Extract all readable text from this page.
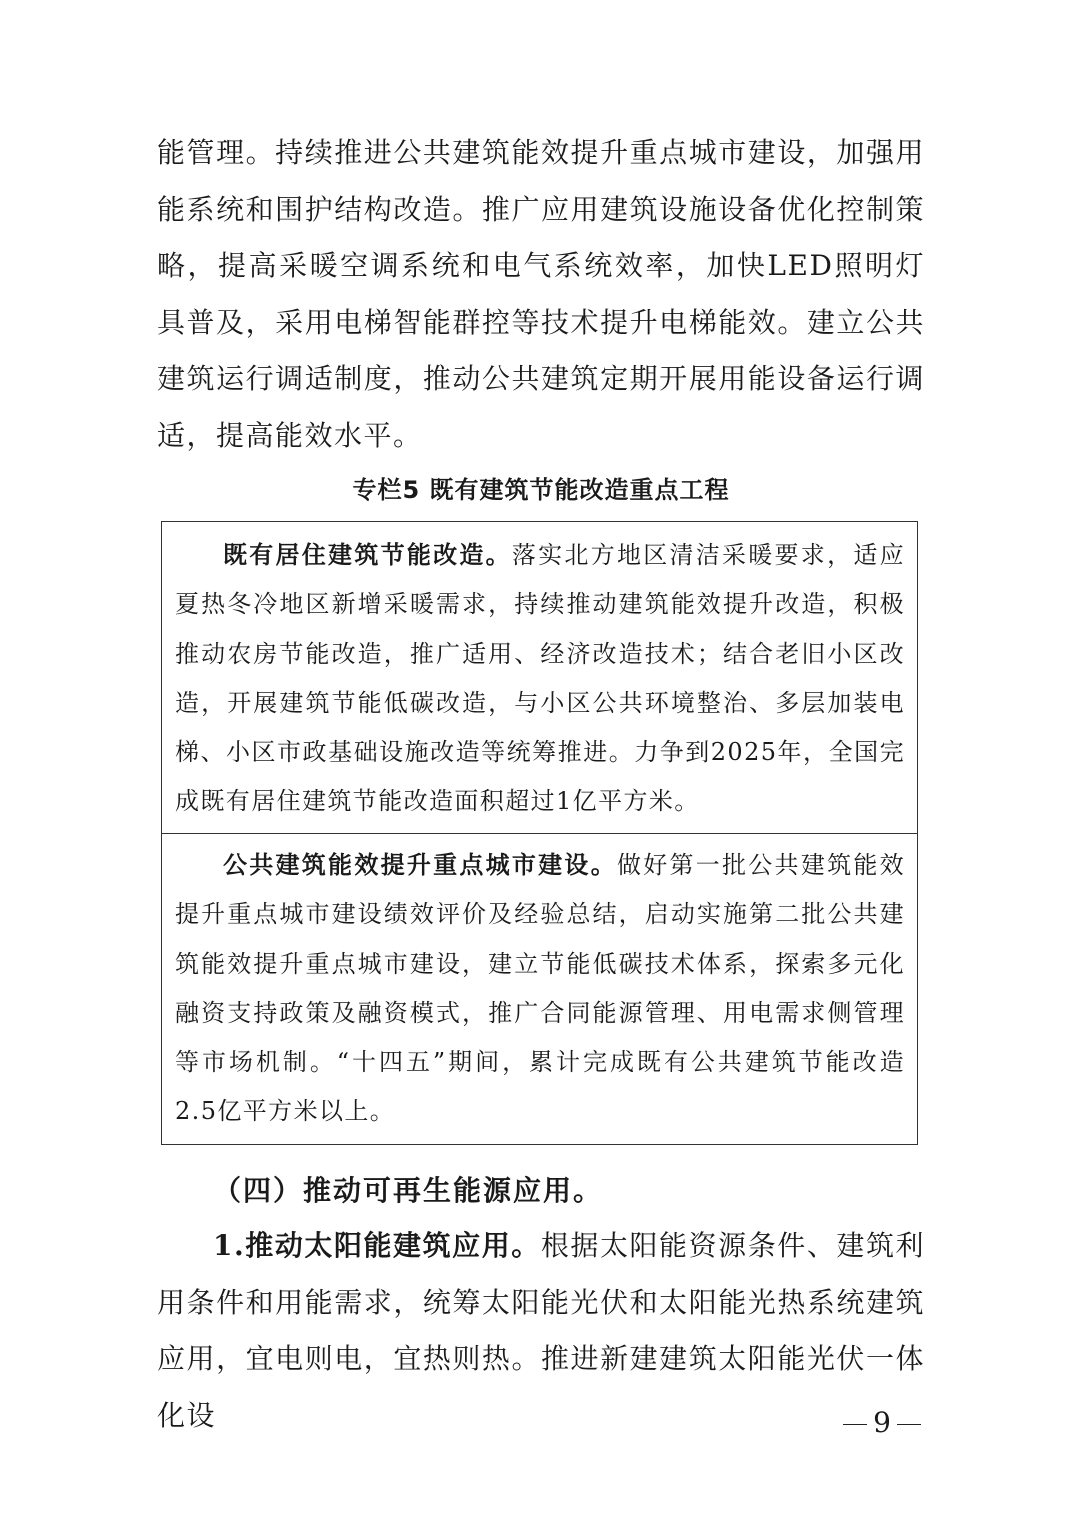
能管理。持续推进公共建筑能效提升重点城市建设，加强用能系统和围护结构改造。推广应用建筑设施设备优化控制策略，提高采暖空调系统和电气系统效率，加快LED照明灯具普及，采用电梯智能群控等技术提升电梯能效。建立公共建筑运行调适制度，推动公共建筑定期开展用能设备运行调适，提高能效水平。

专栏5 既有建筑节能改造重点工程

既有居住建筑节能改造。落实北方地区清洁采暖要求，适应夏热冬冷地区新增采暖需求，持续推动建筑能效提升改造，积极推动农房节能改造，推广适用、经济改造技术；结合老旧小区改造，开展建筑节能低碳改造，与小区公共环境整治、多层加装电梯、小区市政基础设施改造等统筹推进。力争到2025年，全国完成既有居住建筑节能改造面积超过1亿平方米。

公共建筑能效提升重点城市建设。做好第一批公共建筑能效提升重点城市建设绩效评价及经验总结，启动实施第二批公共建筑能效提升重点城市建设，建立节能低碳技术体系，探索多元化融资支持政策及融资模式，推广合同能源管理、用电需求侧管理等市场机制。“十四五”期间，累计完成既有公共建筑节能改造2.5亿平方米以上。

（四）推动可再生能源应用。

1.推动太阳能建筑应用。根据太阳能资源条件、建筑利用条件和用能需求，统筹太阳能光伏和太阳能光热系统建筑应用，宜电则电，宜热则热。推进新建建筑太阳能光伏一体化设	9
